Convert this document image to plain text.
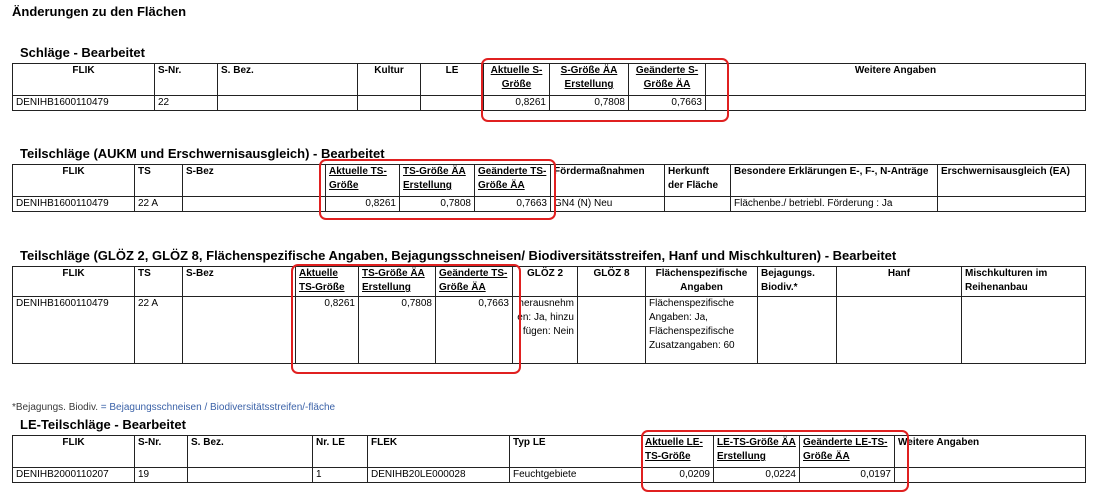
Änderungen zu den Flächen
Schläge - Bearbeitet
FLIK	S-Nr.	S. Bez.	Kultur	LE	Aktuelle S-Größe	S-Größe ÄA Erstellung	Geänderte S-Größe ÄA	Weitere Angaben
DENIHB1600110479	22				0,8261	0,7808	0,7663	
Teilschläge (AUKM und Erschwernisausgleich) - Bearbeitet
FLIK	TS	S-Bez	Aktuelle TS-Größe	TS-Größe ÄA Erstellung	Geänderte TS-Größe ÄA	Fördermaßnahmen	Herkunft der Fläche	Besondere Erklärungen E-, F-, N-Anträge	Erschwernisausgleich (EA)
DENIHB1600110479	22 A		0,8261	0,7808	0,7663	GN4 (N) Neu		Flächenbe./ betriebl. Förderung : Ja	
Teilschläge (GLÖZ 2, GLÖZ 8, Flächenspezifische Angaben, Bejagungsschneisen/ Biodiversitätsstreifen, Hanf und Mischkulturen) - Bearbeitet
FLIK	TS	S-Bez	Aktuelle TS-Größe	TS-Größe ÄA Erstellung	Geänderte TS-Größe ÄA	GLÖZ 2	GLÖZ 8	Flächenspezifische Angaben	Bejagungs. Biodiv.*	Hanf	Mischkulturen im Reihenanbau
DENIHB1600110479	22 A		0,8261	0,7808	0,7663	herausnehmen: Ja, hinzufügen: Nein		Flächenspezifische Angaben: Ja, Flächenspezifische Zusatzangaben: 60			
*Bejagungs. Biodiv. = Bejagungsschneisen / Biodiversitätsstreifen/-fläche
LE-Teilschläge - Bearbeitet
FLIK	S-Nr.	S. Bez.	Nr. LE	FLEK	Typ LE	Aktuelle LE-TS-Größe	LE-TS-Größe ÄA Erstellung	Geänderte LE-TS-Größe ÄA	Weitere Angaben
DENIHB2000110207	19		1	DENIHB20LE000028	Feuchtgebiete	0,0209	0,0224	0,0197	
